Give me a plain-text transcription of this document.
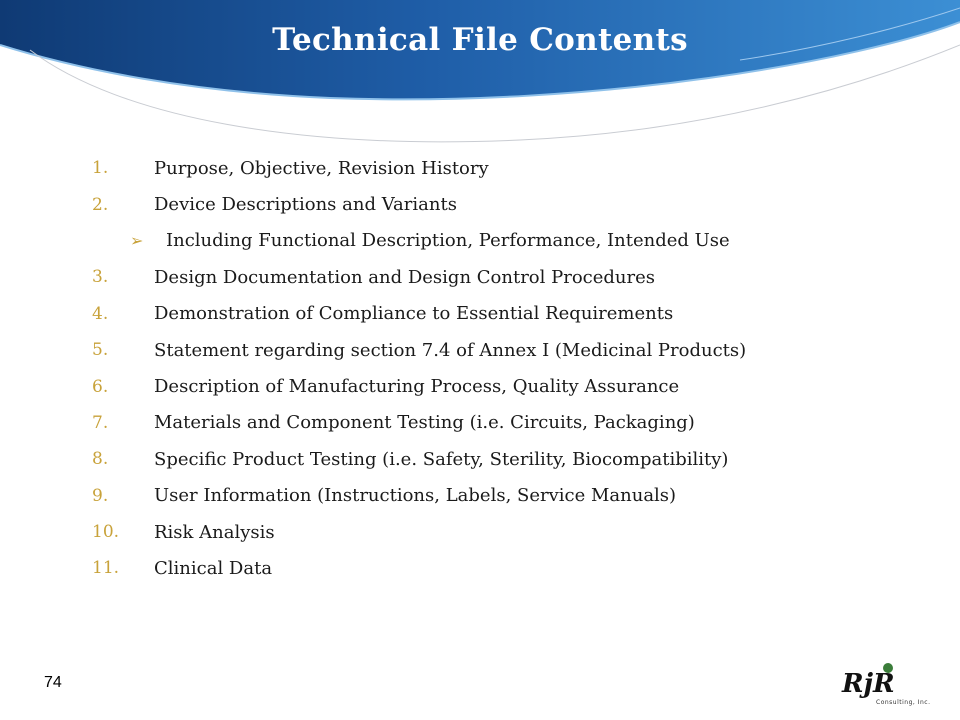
Technical File Contents
1.	Purpose, Objective, Revision History
2.	Device Descriptions and Variants
➢	Including Functional Description, Performance, Intended Use
3.	Design Documentation and Design Control Procedures
4.	Demonstration of Compliance to Essential Requirements
5.	Statement regarding section 7.4 of Annex I (Medicinal Products)
6.	Description of Manufacturing Process, Quality Assurance
7.	Materials and Component Testing (i.e. Circuits, Packaging)
8.	Specific Product Testing (i.e. Safety, Sterility, Biocompatibility)
9.	User Information (Instructions, Labels, Service Manuals)
10.	Risk Analysis
11.	Clinical Data
74	RjR
Consulting, Inc.
